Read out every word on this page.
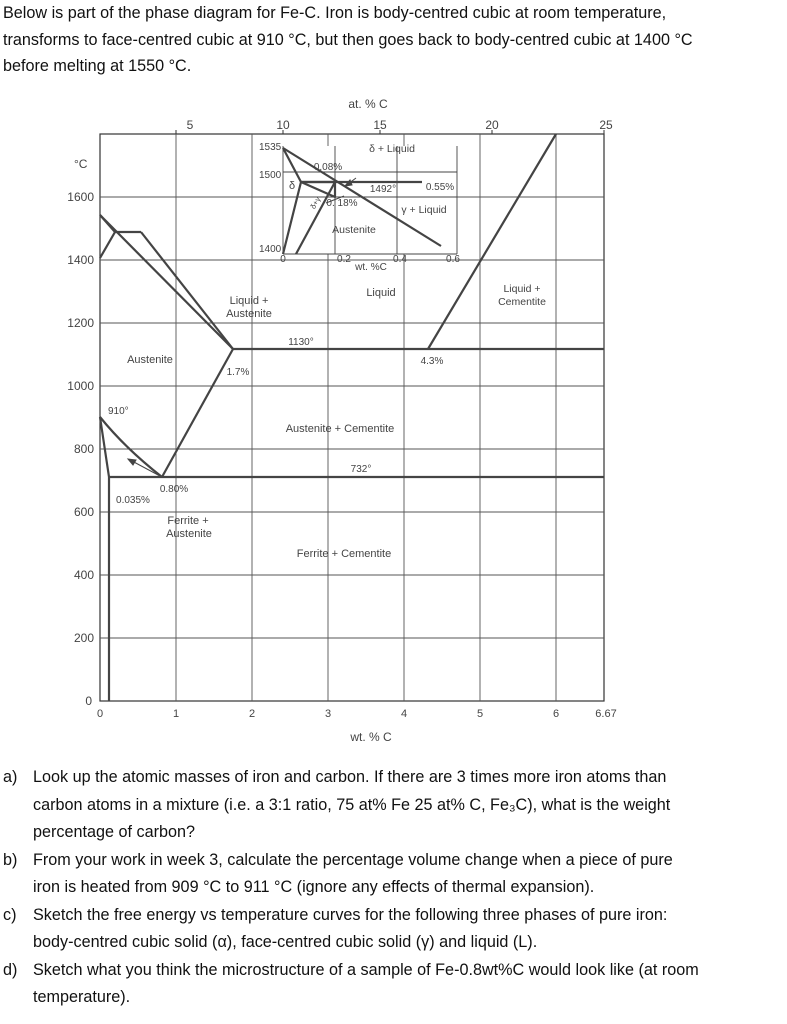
Below is part of the phase diagram for Fe-C. Iron is body-centred cubic at room temperature,
transforms to face-centred cubic at 910 °C, but then goes back to body-centred cubic at 1400 °C
before melting at 1550 °C.
at. % C
5	10	15	20	25
°C
1600
1400
1200
1000
800
600
400
200
0
0	1	2	3	4	5	6	6.67
wt. % C
Liquid
Liquid +
Austenite
Liquid +
Cementite
Austenite
Austenite + Cementite
Ferrite + Cementite
Ferrite +
Austenite
1130°
732°
910°
1.7%
4.3%
0.80%
0.035%
1535
1500
1400
0
1492°
δ + Liquid
γ + Liquid
0.08%
0. 18%
0.55%
δ
δ+γ
Austenite
0.2	0.4	0.6
wt. %C
a) Look up the atomic masses of iron and carbon. If there are 3 times more iron atoms than
carbon atoms in a mixture (i.e. a 3:1 ratio, 75 at% Fe 25 at% C, Fe₃C), what is the weight
percentage of carbon?
b) From your work in week 3, calculate the percentage volume change when a piece of pure
iron is heated from 909 °C to 911 °C (ignore any effects of thermal expansion).
c) Sketch the free energy vs temperature curves for the following three phases of pure iron:
body-centred cubic solid (α), face-centred cubic solid (γ) and liquid (L).
d) Sketch what you think the microstructure of a sample of Fe-0.8wt%C would look like (at room
temperature).
